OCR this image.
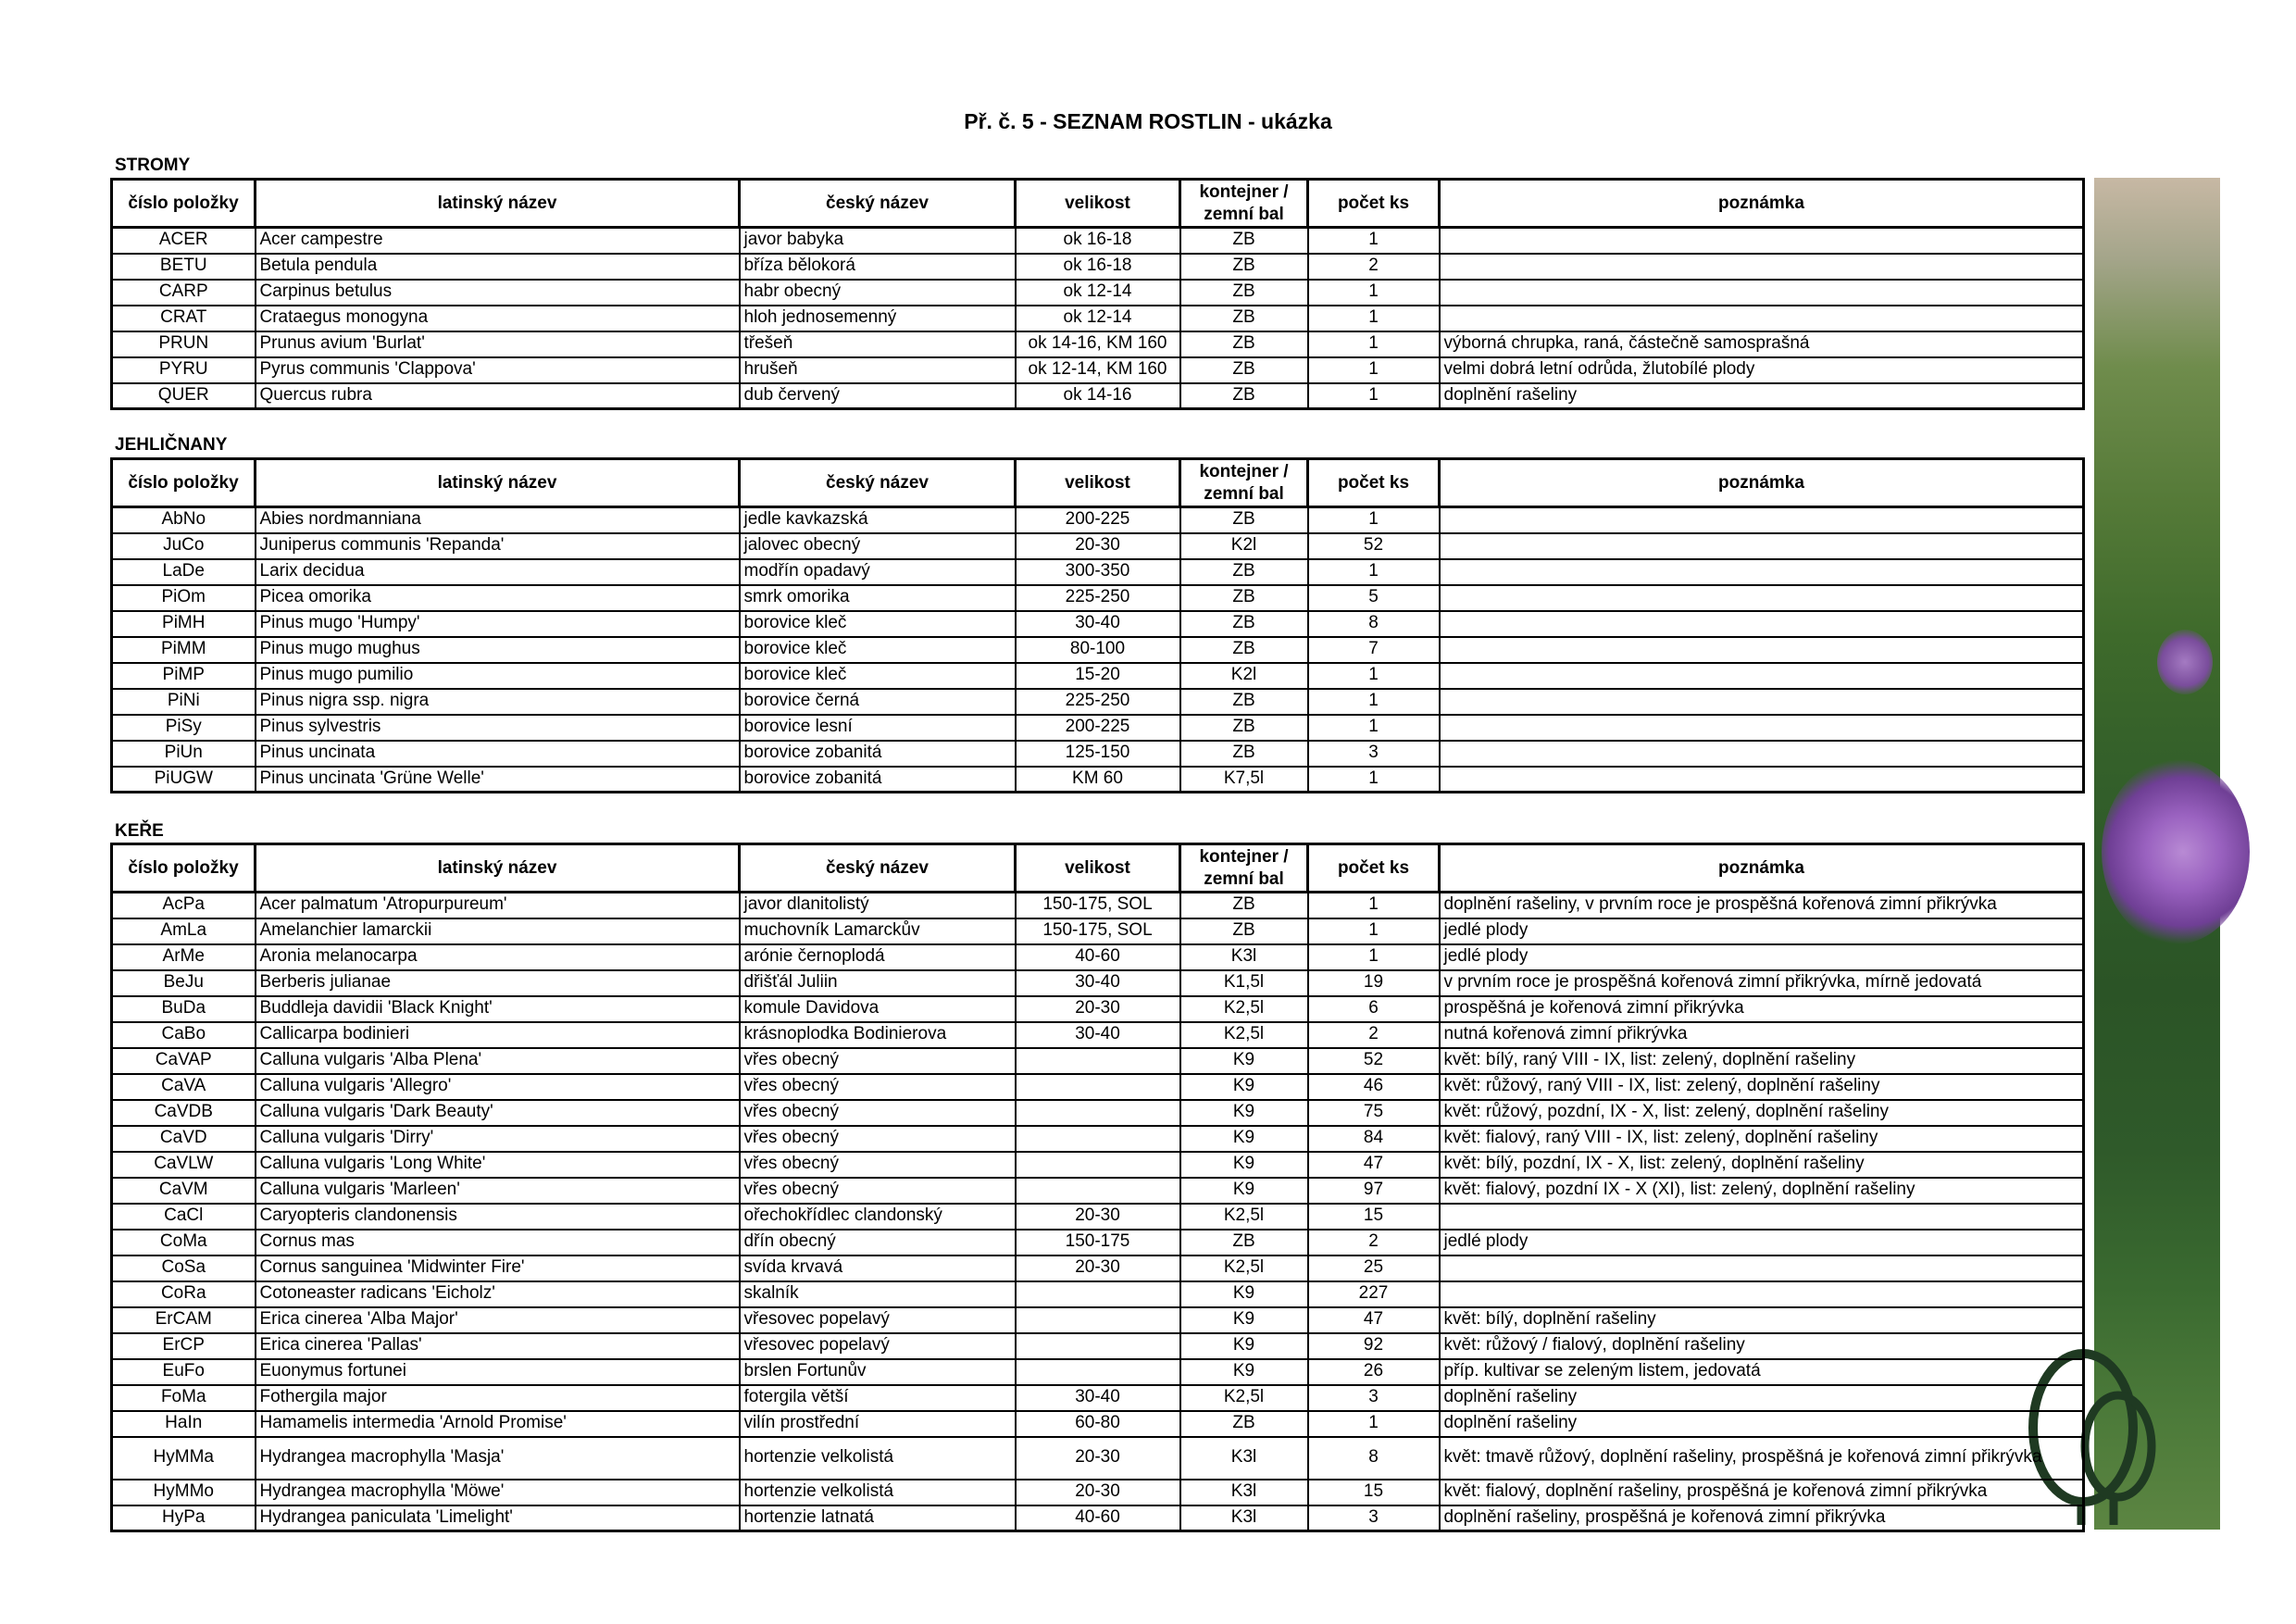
Př. č. 5 - SEZNAM ROSTLIN - ukázka
STROMY
číslo položky	latinský název	český název	velikost	kontejner /
zemní bal	počet ks	poznámka
ACER	Acer campestre	javor babyka	ok 16-18	ZB	1	
BETU	Betula pendula	bříza bělokorá	ok 16-18	ZB	2	
CARP	Carpinus betulus	habr obecný	ok 12-14	ZB	1	
CRAT	Crataegus monogyna	hloh jednosemenný	ok 12-14	ZB	1	
PRUN	Prunus avium 'Burlat'	třešeň	ok 14-16, KM 160	ZB	1	výborná chrupka, raná, částečně samosprašná
PYRU	Pyrus communis 'Clappova'	hrušeň	ok 12-14, KM 160	ZB	1	velmi dobrá letní odrůda, žlutobílé plody
QUER	Quercus rubra	dub červený	ok 14-16	ZB	1	doplnění rašeliny
JEHLIČNANY
číslo položky	latinský název	český název	velikost	kontejner /
zemní bal	počet ks	poznámka
AbNo	Abies nordmanniana	jedle kavkazská	200-225	ZB	1	
JuCo	Juniperus communis 'Repanda'	jalovec obecný	20-30	K2l	52	
LaDe	Larix decidua	modřín opadavý	300-350	ZB	1	
PiOm	Picea omorika	smrk omorika	225-250	ZB	5	
PiMH	Pinus mugo 'Humpy'	borovice kleč	30-40	ZB	8	
PiMM	Pinus mugo mughus	borovice kleč	80-100	ZB	7	
PiMP	Pinus mugo pumilio	borovice kleč	15-20	K2l	1	
PiNi	Pinus nigra ssp. nigra	borovice černá	225-250	ZB	1	
PiSy	Pinus sylvestris	borovice lesní	200-225	ZB	1	
PiUn	Pinus uncinata	borovice zobanitá	125-150	ZB	3	
PiUGW	Pinus uncinata 'Grüne Welle'	borovice zobanitá	KM 60	K7,5l	1	
KEŘE
číslo položky	latinský název	český název	velikost	kontejner /
zemní bal	počet ks	poznámka
AcPa	Acer palmatum 'Atropurpureum'	javor dlanitolistý	150-175, SOL	ZB	1	doplnění rašeliny, v prvním roce je prospěšná kořenová zimní přikrývka
AmLa	Amelanchier lamarckii	muchovník Lamarckův	150-175, SOL	ZB	1	jedlé plody
ArMe	Aronia melanocarpa	arónie černoplodá	40-60	K3l	1	jedlé plody
BeJu	Berberis julianae	dřišťál Juliin	30-40	K1,5l	19	v prvním roce je prospěšná kořenová zimní přikrývka, mírně jedovatá
BuDa	Buddleja davidii 'Black Knight'	komule Davidova	20-30	K2,5l	6	prospěšná je kořenová zimní přikrývka
CaBo	Callicarpa bodinieri	krásnoplodka Bodinierova	30-40	K2,5l	2	nutná kořenová zimní přikrývka
CaVAP	Calluna vulgaris 'Alba Plena'	vřes obecný		K9	52	květ: bílý, raný VIII - IX, list: zelený, doplnění rašeliny
CaVA	Calluna vulgaris 'Allegro'	vřes obecný		K9	46	květ: růžový, raný VIII - IX, list: zelený, doplnění rašeliny
CaVDB	Calluna vulgaris 'Dark Beauty'	vřes obecný		K9	75	květ: růžový, pozdní, IX - X, list: zelený, doplnění rašeliny
CaVD	Calluna vulgaris 'Dirry'	vřes obecný		K9	84	květ: fialový, raný VIII - IX, list: zelený, doplnění rašeliny
CaVLW	Calluna vulgaris 'Long White'	vřes obecný		K9	47	květ: bílý, pozdní, IX - X, list: zelený, doplnění rašeliny
CaVM	Calluna vulgaris 'Marleen'	vřes obecný		K9	97	květ: fialový, pozdní IX - X (XI), list: zelený, doplnění rašeliny
CaCl	Caryopteris clandonensis	ořechokřídlec clandonský	20-30	K2,5l	15	
CoMa	Cornus mas	dřín obecný	150-175	ZB	2	jedlé plody
CoSa	Cornus sanguinea 'Midwinter Fire'	svída krvavá	20-30	K2,5l	25	
CoRa	Cotoneaster radicans 'Eicholz'	skalník		K9	227	
ErCAM	Erica cinerea 'Alba Major'	vřesovec popelavý		K9	47	květ: bílý, doplnění rašeliny
ErCP	Erica cinerea 'Pallas'	vřesovec popelavý		K9	92	květ: růžový / fialový, doplnění rašeliny
EuFo	Euonymus fortunei	brslen Fortunův		K9	26	příp. kultivar se zeleným listem, jedovatá
FoMa	Fothergila major	fotergila větší	30-40	K2,5l	3	doplnění rašeliny
HaIn	Hamamelis intermedia 'Arnold Promise'	vilín prostřední	60-80	ZB	1	doplnění rašeliny
HyMMa	Hydrangea macrophylla 'Masja'	hortenzie velkolistá	20-30	K3l	8	květ: tmavě růžový, doplnění rašeliny, prospěšná je kořenová zimní přikrývka
HyMMo	Hydrangea macrophylla 'Möwe'	hortenzie velkolistá	20-30	K3l	15	květ: fialový, doplnění rašeliny, prospěšná je kořenová zimní přikrývka
HyPa	Hydrangea paniculata 'Limelight'	hortenzie latnatá	40-60	K3l	3	doplnění rašeliny, prospěšná je kořenová zimní přikrývka
